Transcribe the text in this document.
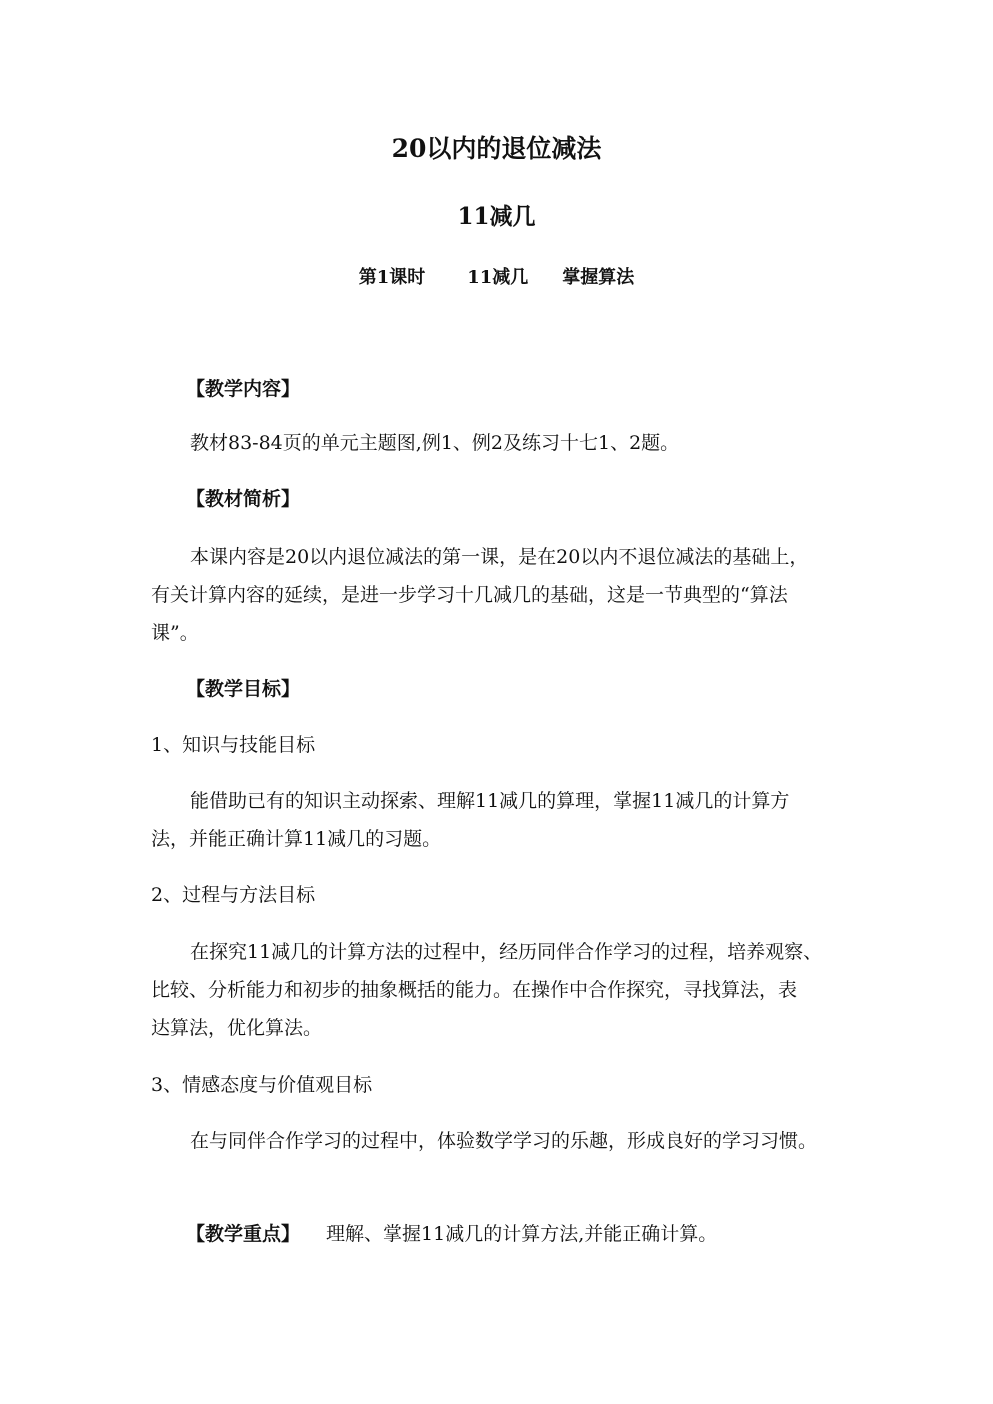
20以内的退位减法
11减几
第1课时 11减几 掌握算法
【教学内容】
教材83-84页的单元主题图,例1、例2及练习十七1、2题。
【教材简析】
本课内容是20以内退位减法的第一课，是在20以内不退位减法的基础上，
有关计算内容的延续，是进一步学习十几减几的基础，这是一节典型的“算法
课”。
【教学目标】
1、知识与技能目标
能借助已有的知识主动探索、理解11减几的算理，掌握11减几的计算方
法，并能正确计算11减几的习题。
2、过程与方法目标
在探究11减几的计算方法的过程中，经历同伴合作学习的过程，培养观察、
比较、分析能力和初步的抽象概括的能力。在操作中合作探究，寻找算法，表
达算法，优化算法。
3、情感态度与价值观目标
在与同伴合作学习的过程中，体验数学学习的乐趣，形成良好的学习习惯。
【教学重点】 理解、掌握11减几的计算方法,并能正确计算。
